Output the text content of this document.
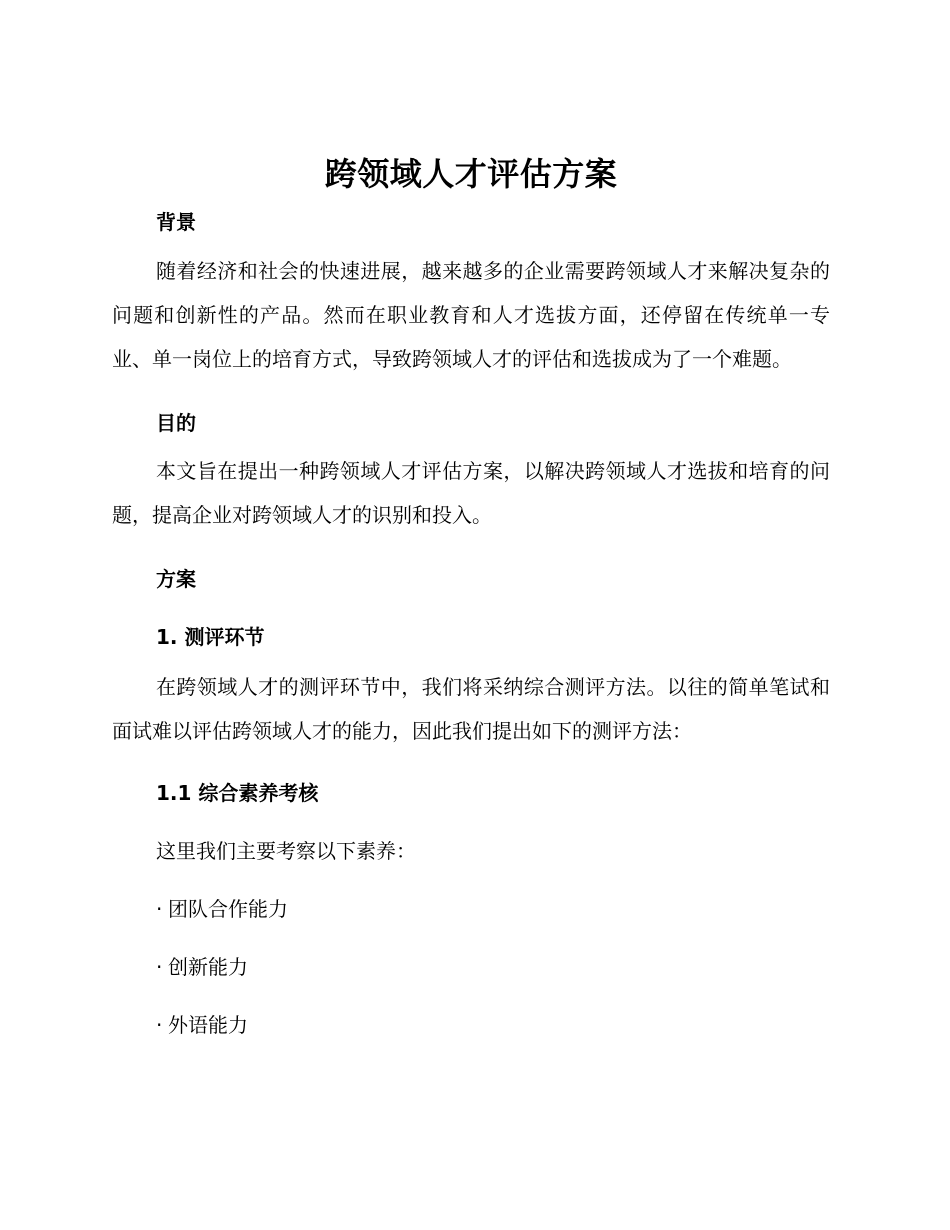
跨领域人才评估方案
背景

随着经济和社会的快速进展，越来越多的企业需要跨领域人才来解决复杂的问题和创新性的产品。然而在职业教育和人才选拔方面，还停留在传统单一专业、单一岗位上的培育方式，导致跨领域人才的评估和选拔成为了一个难题。

目的

本文旨在提出一种跨领域人才评估方案，以解决跨领域人才选拔和培育的问题，提高企业对跨领域人才的识别和投入。

方案
1. 测评环节

在跨领域人才的测评环节中，我们将采纳综合测评方法。以往的简单笔试和面试难以评估跨领域人才的能力，因此我们提出如下的测评方法：

1.1 综合素养考核

这里我们主要考察以下素养：

· 团队合作能力

· 创新能力

· 外语能力
